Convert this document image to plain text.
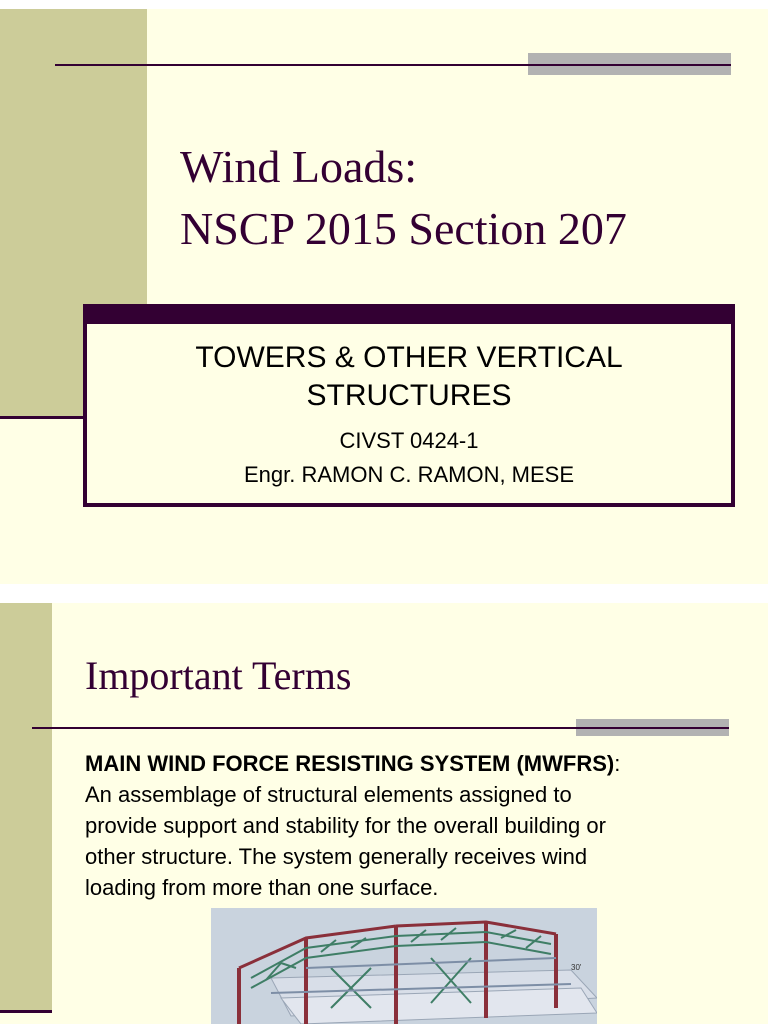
Wind Loads:
NSCP 2015 Section 207
TOWERS & OTHER VERTICAL
STRUCTURES
CIVST 0424-1
Engr. RAMON C. RAMON, MESE
Important Terms
MAIN WIND FORCE RESISTING SYSTEM (MWFRS):
An assemblage of structural elements assigned to
provide support and stability for the overall building or
other structure. The system generally receives wind
loading from more than one surface.
30'
